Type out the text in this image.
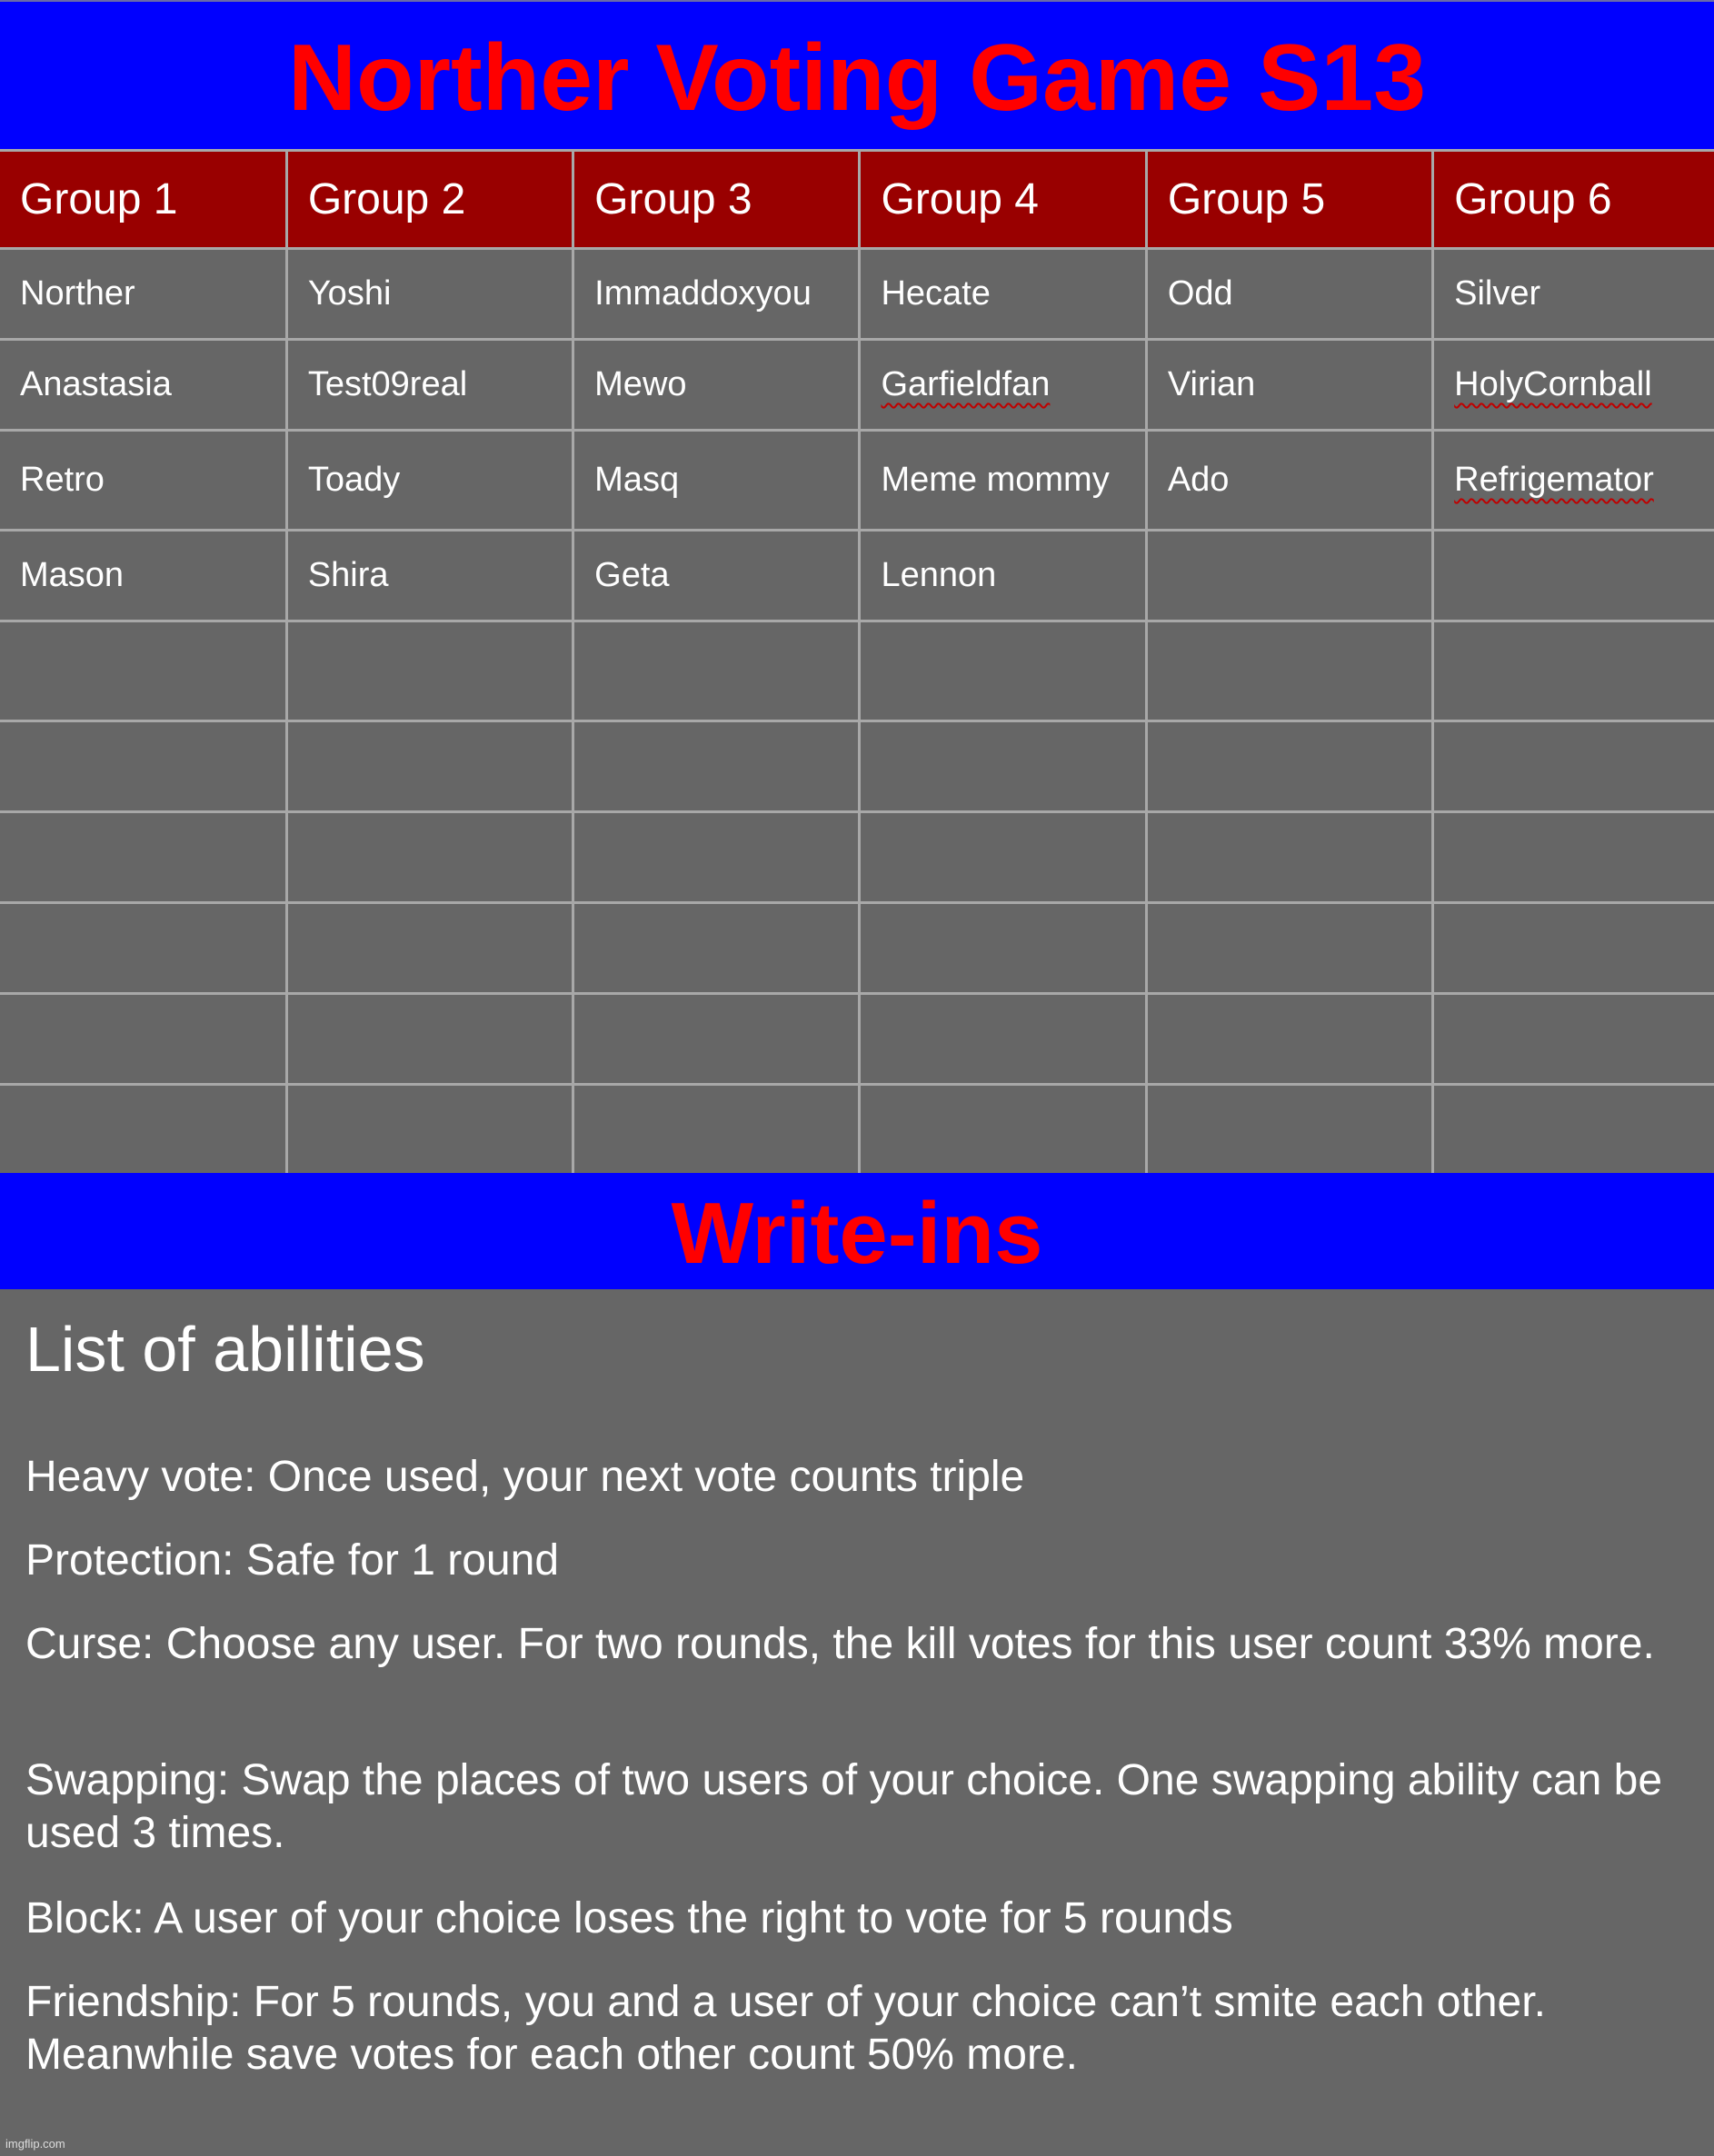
Norther Voting Game S13
Group 1	Group 2	Group 3	Group 4	Group 5	Group 6
Norther	Yoshi	Immaddoxyou	Hecate	Odd	Silver
Anastasia	Test09real	Mewo	Garfieldfan	Virian	HolyCornball
Retro	Toady	Masq	Meme mommy	Ado	Refrigemator
Mason	Shira	Geta	Lennon		

Write-ins
List of abilities

Heavy vote: Once used, your next vote counts triple

Protection: Safe for 1 round

Curse: Choose any user. For two rounds, the kill votes for this user count 33% more.

Swapping: Swap the places of two users of your choice. One swapping ability can be used 3 times.

Block: A user of your choice loses the right to vote for 5 rounds

Friendship: For 5 rounds, you and a user of your choice can’t smite each other. Meanwhile save votes for each other count 50% more.

imgflip.com
